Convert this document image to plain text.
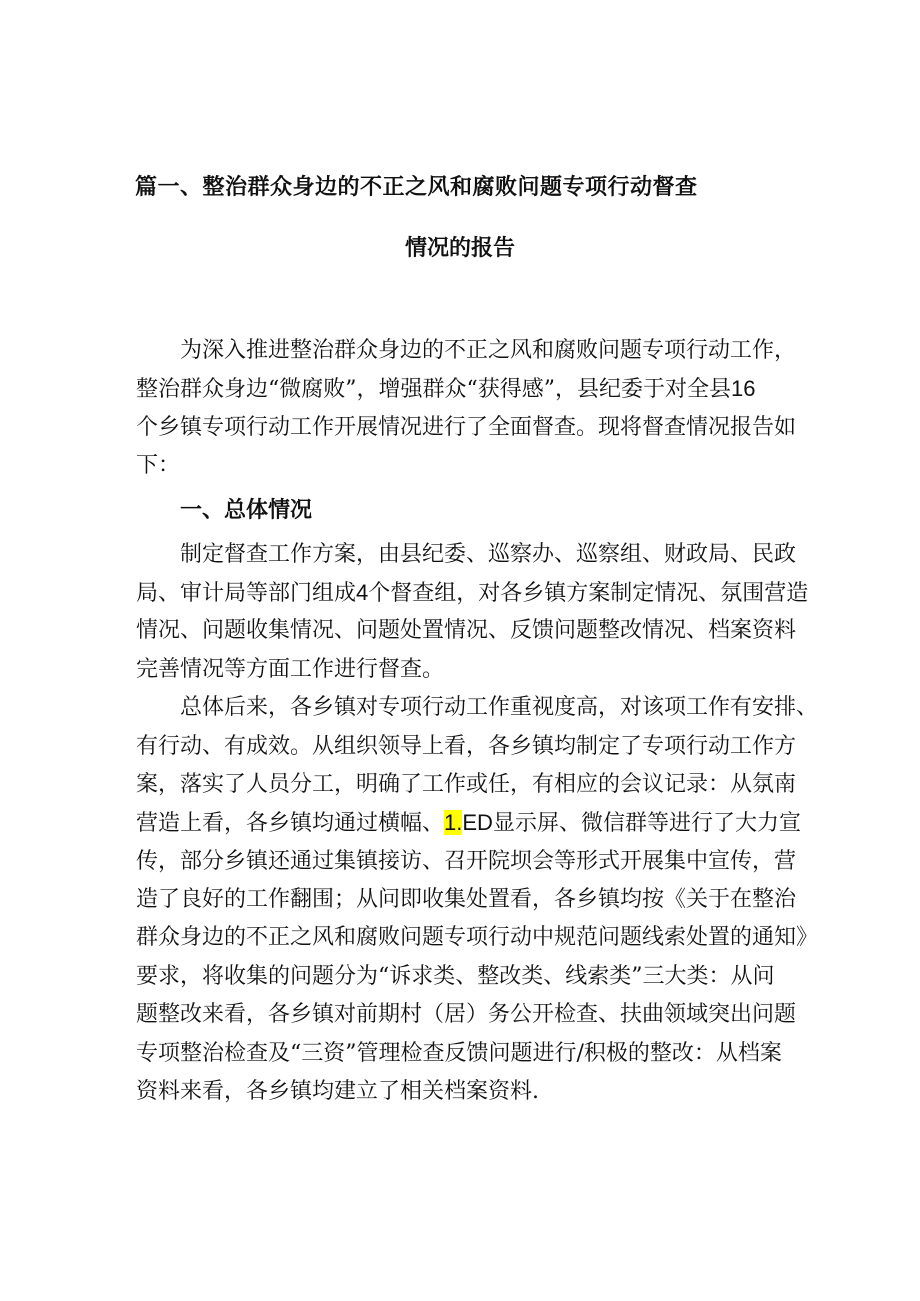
篇一、整治群众身边的不正之风和腐败问题专项行动督查
情况的报告
为深入推进整治群众身边的不正之风和腐败问题专项行动工作，
整治群众身边“微腐败”，增强群众“获得感”，县纪委于对全县16
个乡镇专项行动工作开展情况进行了全面督查。现将督查情况报告如
下：
一、总体情况
制定督查工作方案，由县纪委、巡察办、巡察组、财政局、民政
局、审计局等部门组成4个督查组，对各乡镇方案制定情况、氛围营造
情况、问题收集情况、问题处置情况、反馈问题整改情况、档案资料
完善情况等方面工作进行督查。
总体后来，各乡镇对专项行动工作重视度高，对该项工作有安排、
有行动、有成效。从组织领导上看，各乡镇均制定了专项行动工作方
案，落实了人员分工，明确了工作或任，有相应的会议记录：从氛南
营造上看，各乡镇均通过横幅、1.ED显示屏、微信群等进行了大力宣
传，部分乡镇还通过集镇接访、召开院坝会等形式开展集中宣传，营
造了良好的工作翻围；从问即收集处置看，各乡镇均按《关于在整治
群众身边的不正之风和腐败问题专项行动中规范问题线索处置的通知》
要求，将收集的问题分为“诉求类、整改类、线索类”三大类：从问
题整改来看，各乡镇对前期村（居）务公开检查、扶曲领域突出问题
专项整治检查及“三资”管理检查反馈问题进行/积极的整改：从档案
资料来看，各乡镇均建立了相关档案资料.
